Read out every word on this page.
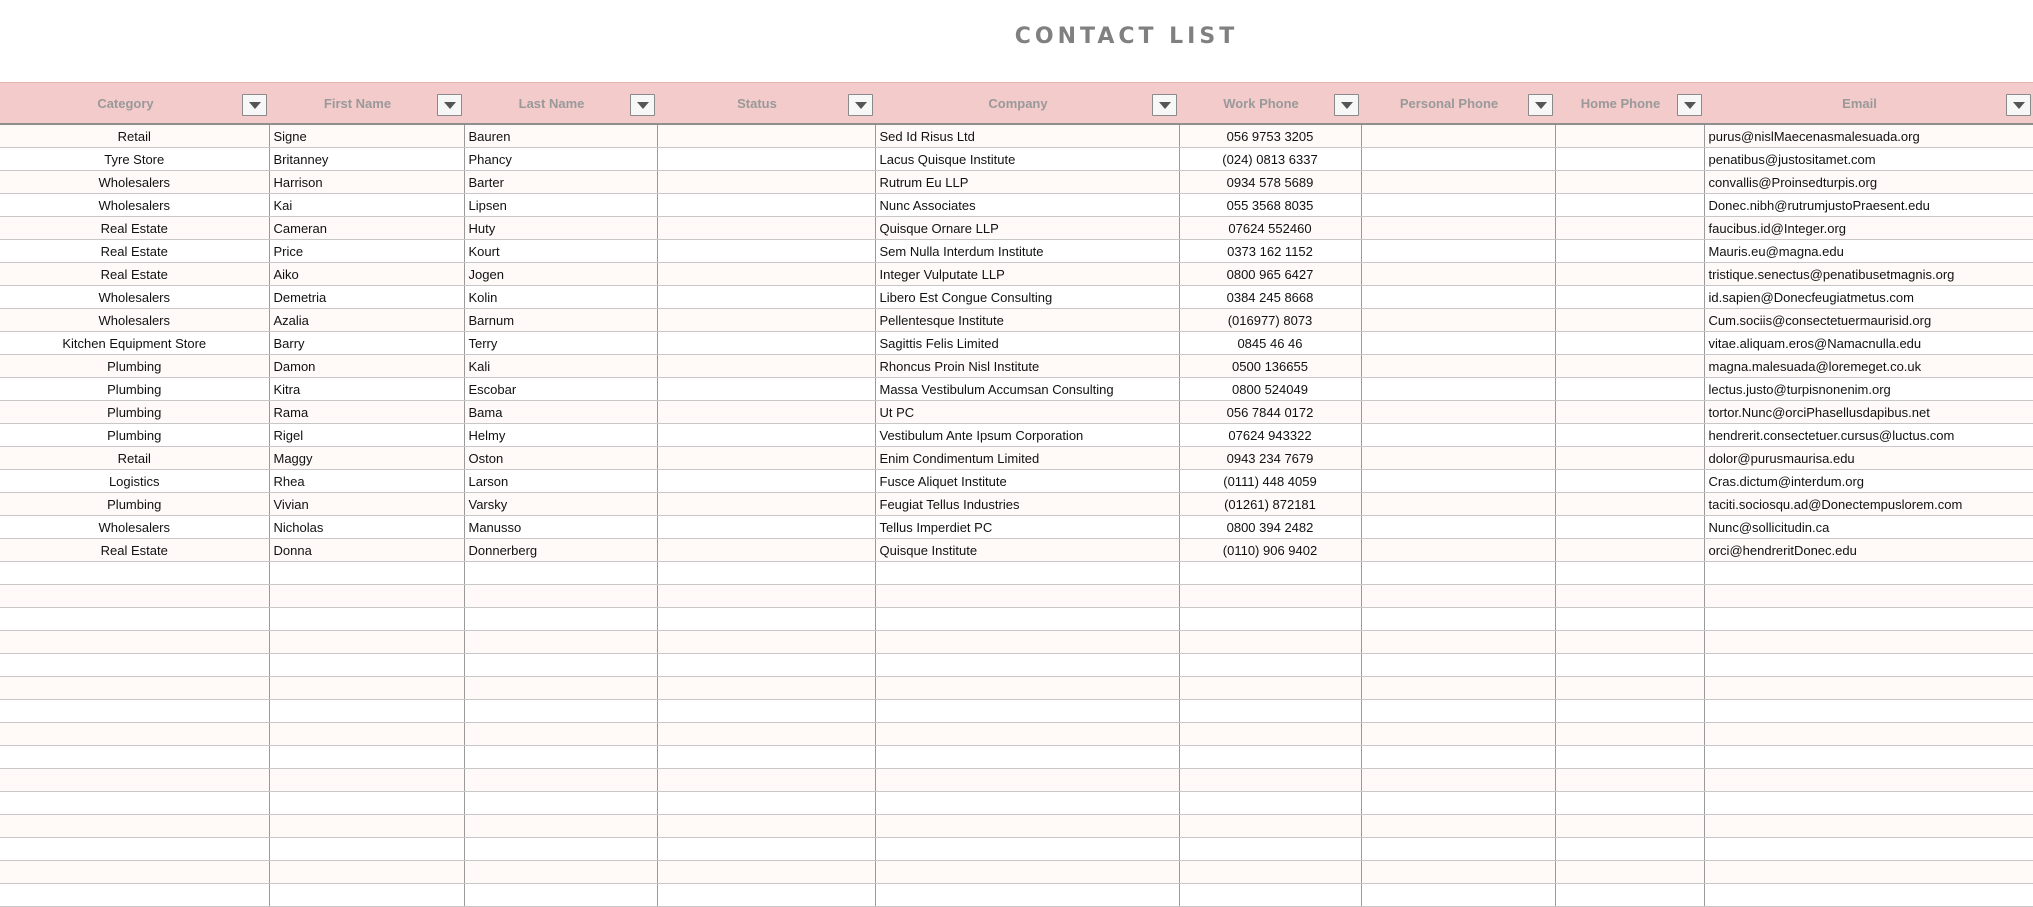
CONTACT LIST
Category	First Name	Last Name	Status	Company	Work Phone	Personal Phone	Home Phone	Email

Retail	Signe	Bauren		Sed Id Risus Ltd	056 9753 3205			purus@nislMaecenasmalesuada.org
Tyre Store	Britanney	Phancy		Lacus Quisque Institute	(024) 0813 6337			penatibus@justositamet.com
Wholesalers	Harrison	Barter		Rutrum Eu LLP	0934 578 5689			convallis@Proinsedturpis.org
Wholesalers	Kai	Lipsen		Nunc Associates	055 3568 8035			Donec.nibh@rutrumjustoPraesent.edu
Real Estate	Cameran	Huty		Quisque Ornare LLP	07624 552460			faucibus.id@Integer.org
Real Estate	Price	Kourt		Sem Nulla Interdum Institute	0373 162 1152			Mauris.eu@magna.edu
Real Estate	Aiko	Jogen		Integer Vulputate LLP	0800 965 6427			tristique.senectus@penatibusetmagnis.org
Wholesalers	Demetria	Kolin		Libero Est Congue Consulting	0384 245 8668			id.sapien@Donecfeugiatmetus.com
Wholesalers	Azalia	Barnum		Pellentesque Institute	(016977) 8073			Cum.sociis@consectetuermaurisid.org
Kitchen Equipment Store	Barry	Terry		Sagittis Felis Limited	0845 46 46			vitae.aliquam.eros@Namacnulla.edu
Plumbing	Damon	Kali		Rhoncus Proin Nisl Institute	0500 136655			magna.malesuada@loremeget.co.uk
Plumbing	Kitra	Escobar		Massa Vestibulum Accumsan Consulting	0800 524049			lectus.justo@turpisnonenim.org
Plumbing	Rama	Bama		Ut PC	056 7844 0172			tortor.Nunc@orciPhasellusdapibus.net
Plumbing	Rigel	Helmy		Vestibulum Ante Ipsum Corporation	07624 943322			hendrerit.consectetuer.cursus@luctus.com
Retail	Maggy	Oston		Enim Condimentum Limited	0943 234 7679			dolor@purusmaurisa.edu
Logistics	Rhea	Larson		Fusce Aliquet Institute	(0111) 448 4059			Cras.dictum@interdum.org
Plumbing	Vivian	Varsky		Feugiat Tellus Industries	(01261) 872181			taciti.sociosqu.ad@Donectempuslorem.com
Wholesalers	Nicholas	Manusso		Tellus Imperdiet PC	0800 394 2482			Nunc@sollicitudin.ca
Real Estate	Donna	Donnerberg		Quisque Institute	(0110) 906 9402			orci@hendreritDonec.edu
